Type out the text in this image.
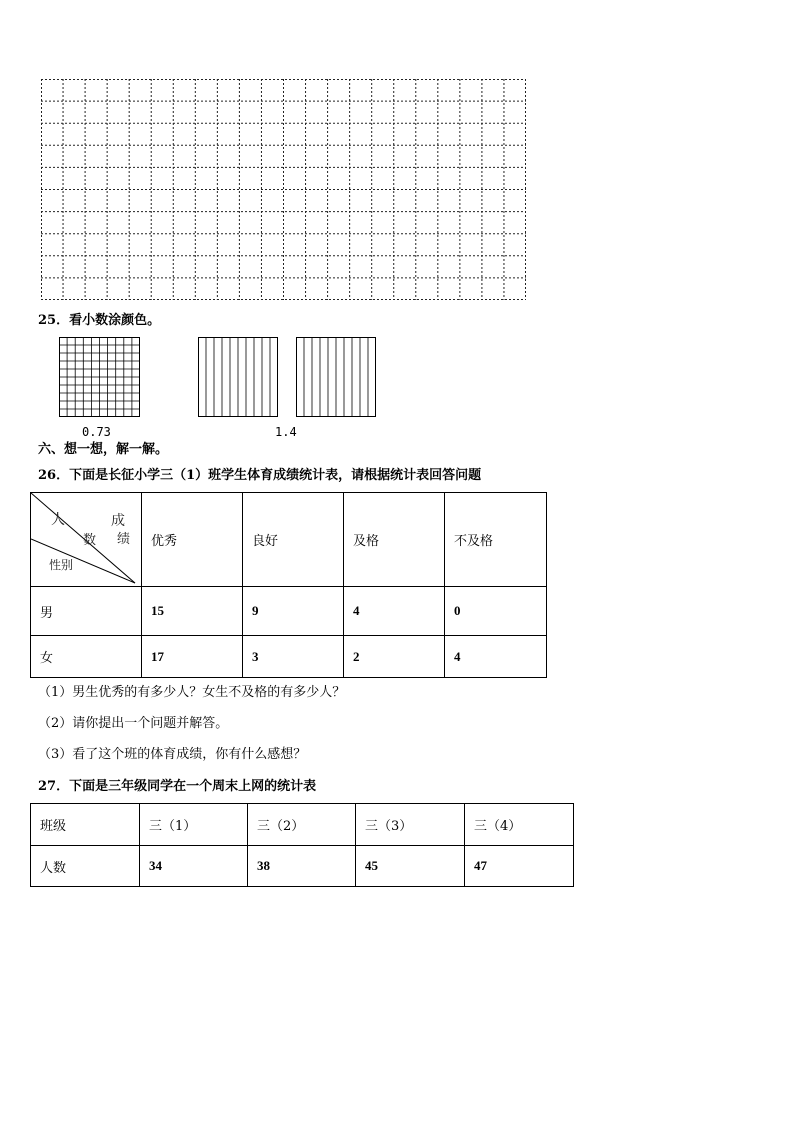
25．看小数涂颜色。
0.73	1.4
六、想一想，解一解。
26．下面是长征小学三（1）班学生体育成绩统计表，请根据统计表回答问题
人
数
成
绩
性别	优秀	良好	及格	不及格
男	15	9	4	0
女	17	3	2	4
（1）男生优秀的有多少人？女生不及格的有多少人？
（2）请你提出一个问题并解答。
（3）看了这个班的体育成绩，你有什么感想？
27．下面是三年级同学在一个周末上网的统计表
班级	三（1）	三（2）	三（3）	三（4）
人数	34	38	45	47
